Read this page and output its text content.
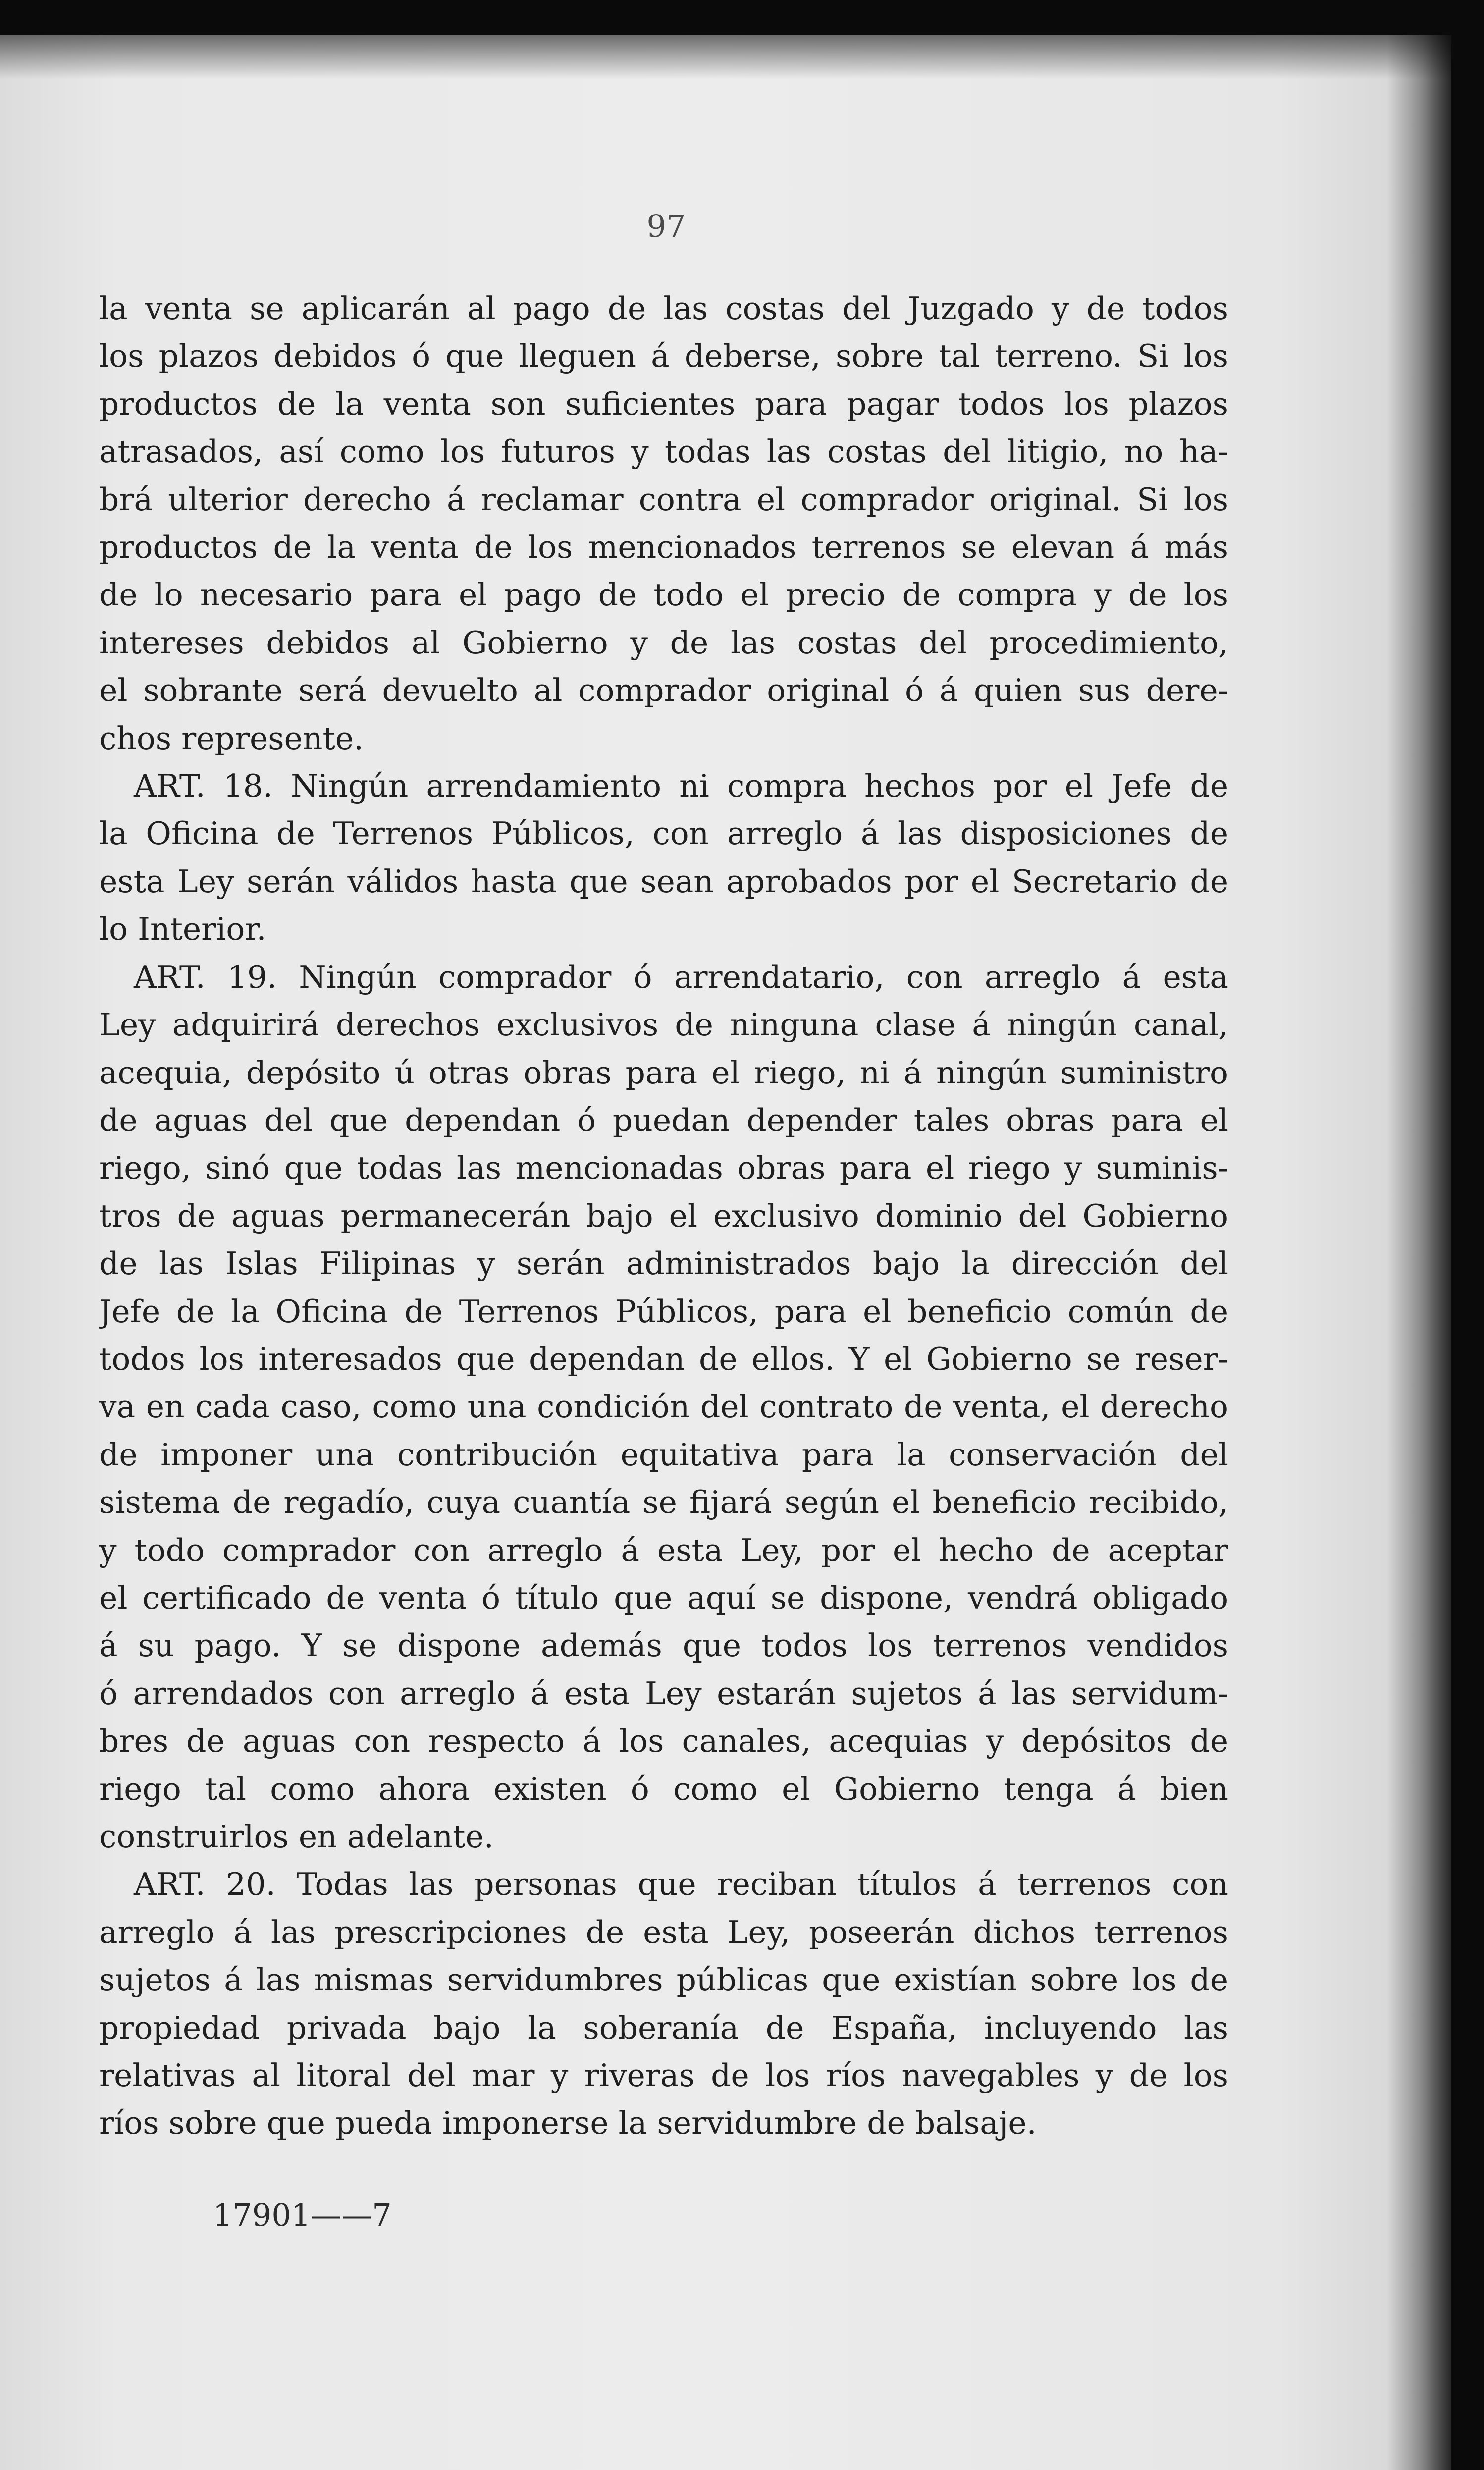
97
la venta se aplicarán al pago de las costas del Juzgado y de todos
los plazos debidos ó que lleguen á deberse, sobre tal terreno. Si los
productos de la venta son suficientes para pagar todos los plazos
atrasados, así como los futuros y todas las costas del litigio, no ha-
brá ulterior derecho á reclamar contra el comprador original. Si los
productos de la venta de los mencionados terrenos se elevan á más
de lo necesario para el pago de todo el precio de compra y de los
intereses debidos al Gobierno y de las costas del procedimiento,
el sobrante será devuelto al comprador original ó á quien sus dere-
chos represente.
ART. 18. Ningún arrendamiento ni compra hechos por el Jefe de
la Oficina de Terrenos Públicos, con arreglo á las disposiciones de
esta Ley serán válidos hasta que sean aprobados por el Secretario de
lo Interior.
ART. 19. Ningún comprador ó arrendatario, con arreglo á esta
Ley adquirirá derechos exclusivos de ninguna clase á ningún canal,
acequia, depósito ú otras obras para el riego, ni á ningún suministro
de aguas del que dependan ó puedan depender tales obras para el
riego, sinó que todas las mencionadas obras para el riego y suminis-
tros de aguas permanecerán bajo el exclusivo dominio del Gobierno
de las Islas Filipinas y serán administrados bajo la dirección del
Jefe de la Oficina de Terrenos Públicos, para el beneficio común de
todos los interesados que dependan de ellos. Y el Gobierno se reser-
va en cada caso, como una condición del contrato de venta, el derecho
de imponer una contribución equitativa para la conservación del
sistema de regadío, cuya cuantía se fijará según el beneficio recibido,
y todo comprador con arreglo á esta Ley, por el hecho de aceptar
el certificado de venta ó título que aquí se dispone, vendrá obligado
á su pago. Y se dispone además que todos los terrenos vendidos
ó arrendados con arreglo á esta Ley estarán sujetos á las servidum-
bres de aguas con respecto á los canales, acequias y depósitos de
riego tal como ahora existen ó como el Gobierno tenga á bien
construirlos en adelante.
ART. 20. Todas las personas que reciban títulos á terrenos con
arreglo á las prescripciones de esta Ley, poseerán dichos terrenos
sujetos á las mismas servidumbres públicas que existían sobre los de
propiedad privada bajo la soberanía de España, incluyendo las
relativas al litoral del mar y riveras de los ríos navegables y de los
ríos sobre que pueda imponerse la servidumbre de balsaje.
17901——7
